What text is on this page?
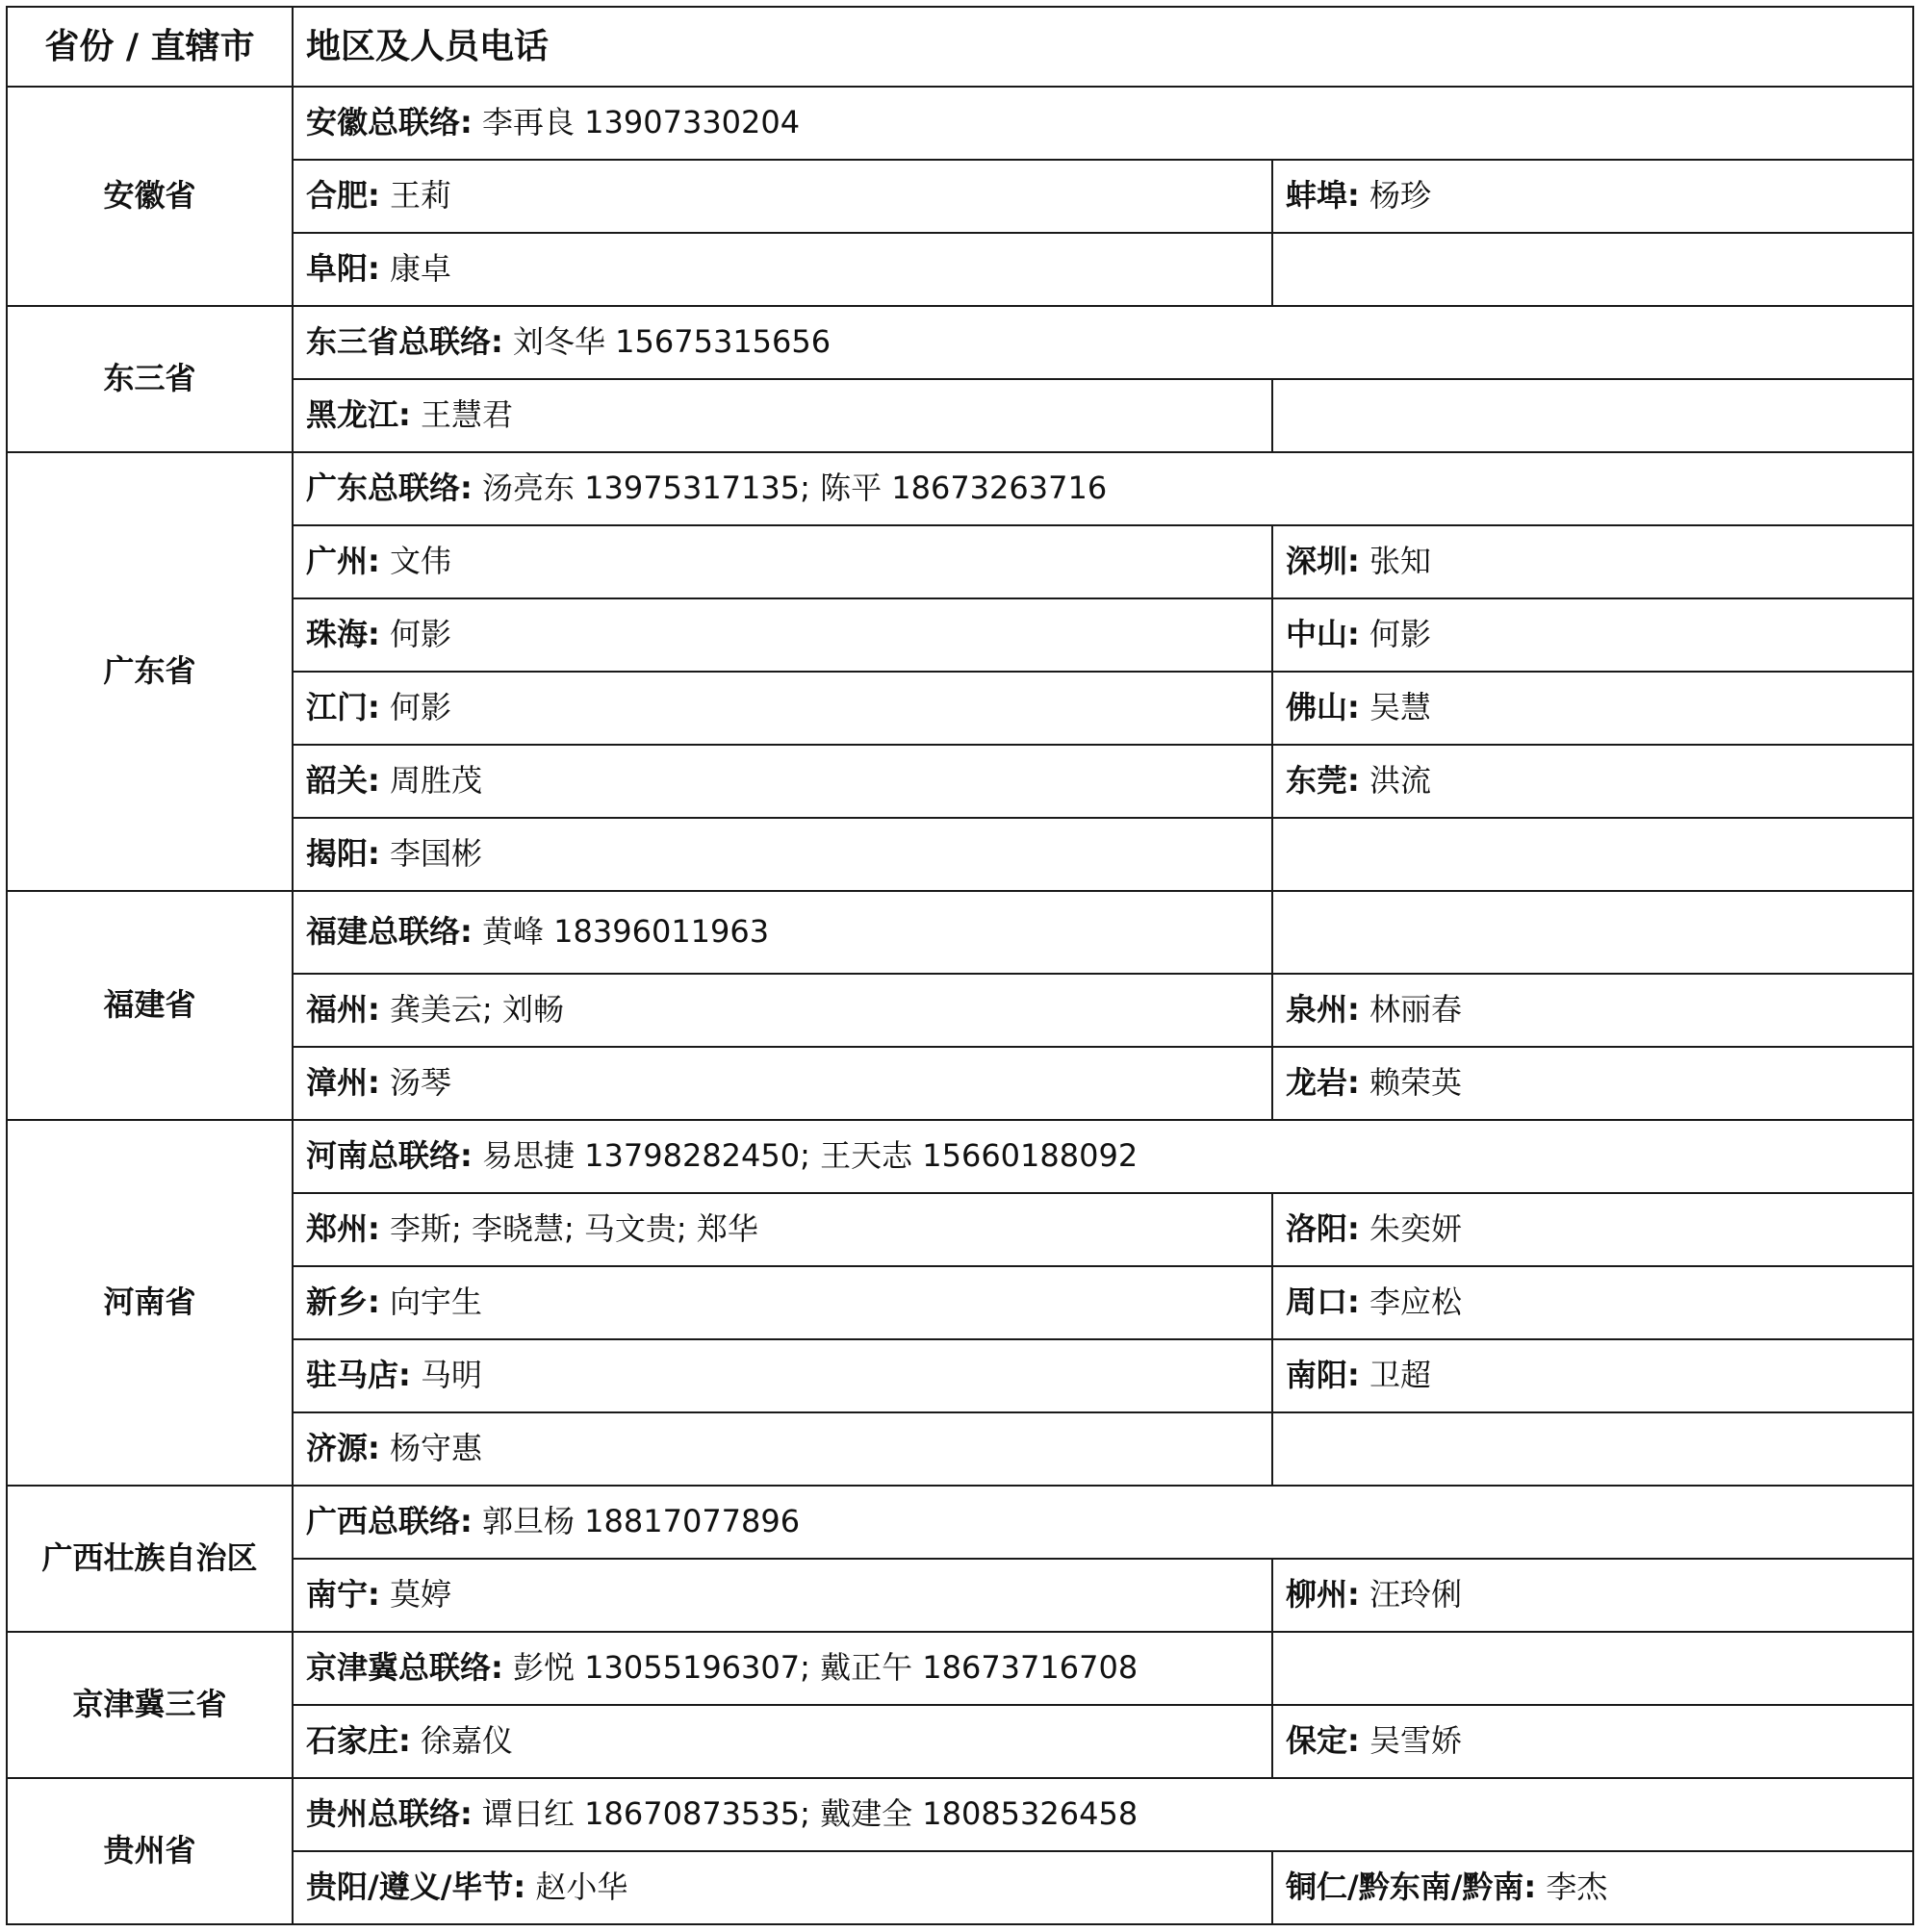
省份 / 直辖市	地区及人员电话	
安徽省	安徽总联络: 李再良 13907330204	
	合肥: 王莉	蚌埠: 杨珍
	阜阳: 康卓	
东三省	东三省总联络: 刘冬华 15675315656	
	黑龙江: 王慧君	
广东省	广东总联络: 汤亮东 13975317135; 陈平 18673263716	
	广州: 文伟	深圳: 张知
	珠海: 何影	中山: 何影
	江门: 何影	佛山: 吴慧
	韶关: 周胜茂	东莞: 洪流
	揭阳: 李国彬	
福建省	福建总联络: 黄峰 18396011963	
	福州: 龚美云; 刘畅	泉州: 林丽春
	漳州: 汤琴	龙岩: 赖荣英
河南省	河南总联络: 易思捷 13798282450; 王天志 15660188092	
	郑州: 李斯; 李晓慧; 马文贵; 郑华	洛阳: 朱奕妍
	新乡: 向宇生	周口: 李应松
	驻马店: 马明	南阳: 卫超
	济源: 杨守惠	
广西壮族自治区	广西总联络: 郭旦杨 18817077896	
	南宁: 莫婷	柳州: 汪玲俐
京津冀三省	京津冀总联络: 彭悦 13055196307; 戴正午 18673716708	
	石家庄: 徐嘉仪	保定: 吴雪娇
贵州省	贵州总联络: 谭日红 18670873535; 戴建全 18085326458	
	贵阳/遵义/毕节: 赵小华	铜仁/黔东南/黔南: 李杰
